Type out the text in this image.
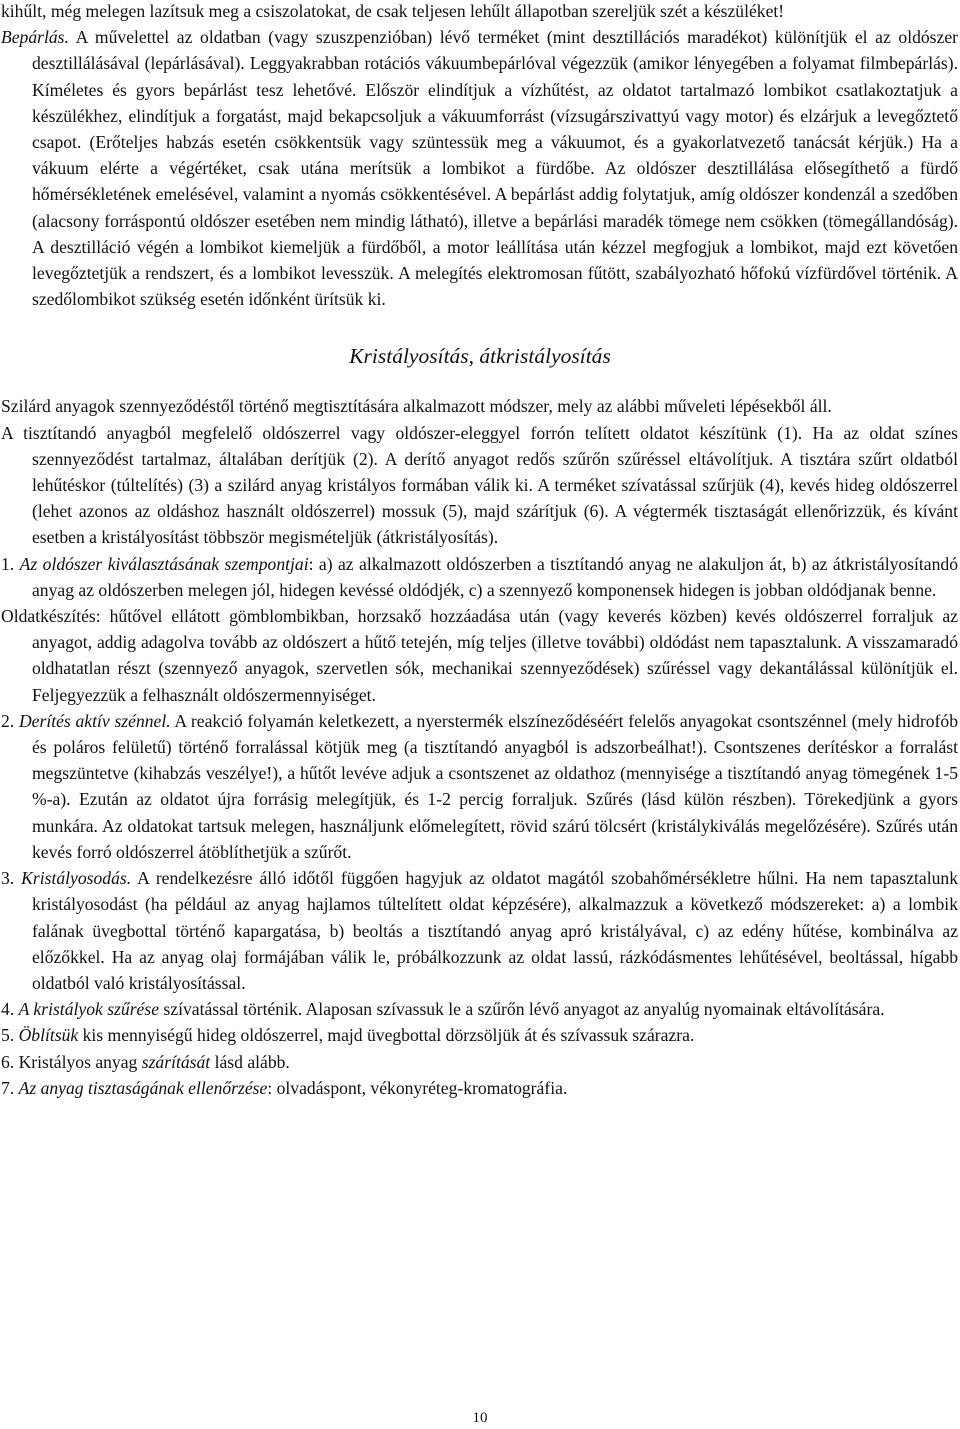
kihűlt, még melegen lazítsuk meg a csiszolatokat, de csak teljesen lehűlt állapotban szereljük szét a készüléket!

Bepárlás. A művelettel az oldatban (vagy szuszpenzióban) lévő terméket (mint desztillációs maradékot) különítjük el az oldószer desztillálásával (lepárlásával). Leggyakrabban rotációs vákuumbepárlóval végezzük (amikor lényegében a folyamat filmbepárlás). Kíméletes és gyors bepárlást tesz lehetővé. Először elindítjuk a vízhűtést, az oldatot tartalmazó lombikot csatlakoztatjuk a készülékhez, elindítjuk a forgatást, majd bekapcsoljuk a vákuumforrást (vízsugárszivattyú vagy motor) és elzárjuk a levegőztető csapot. (Erőteljes habzás esetén csökkentsük vagy szüntessük meg a vákuumot, és a gyakorlatvezető tanácsát kérjük.) Ha a vákuum elérte a végértéket, csak utána merítsük a lombikot a fürdőbe. Az oldószer desztillálása elősegíthető a fürdő hőmérsékletének emelésével, valamint a nyomás csökkentésével. A bepárlást addig folytatjuk, amíg oldószer kondenzál a szedőben (alacsony forráspontú oldószer esetében nem mindig látható), illetve a bepárlási maradék tömege nem csökken (tömegállandóság). A desztilláció végén a lombikot kiemeljük a fürdőből, a motor leállítása után kézzel megfogjuk a lombikot, majd ezt követően levegőztetjük a rendszert, és a lombikot levesszük. A melegítés elektromosan fűtött, szabályozható hőfokú vízfürdővel történik. A szedőlombikot szükség esetén időnként ürítsük ki.

Kristályosítás, átkristályosítás

Szilárd anyagok szennyeződéstől történő megtisztítására alkalmazott módszer, mely az alábbi műveleti lépésekből áll.

A tisztítandó anyagból megfelelő oldószerrel vagy oldószer-eleggyel forrón telített oldatot készítünk (1). Ha az oldat színes szennyeződést tartalmaz, általában derítjük (2). A derítő anyagot redős szűrőn szűréssel eltávolítjuk. A tisztára szűrt oldatból lehűtéskor (túltelítés) (3) a szilárd anyag kristályos formában válik ki. A terméket szívatással szűrjük (4), kevés hideg oldószerrel (lehet azonos az oldáshoz használt oldószerrel) mossuk (5), majd szárítjuk (6). A végtermék tisztaságát ellenőrizzük, és kívánt esetben a kristályosítást többször megismételjük (átkristályosítás).

1. Az oldószer kiválasztásának szempontjai: a) az alkalmazott oldószerben a tisztítandó anyag ne alakuljon át, b) az átkristályosítandó anyag az oldószerben melegen jól, hidegen kevéssé oldódjék, c) a szennyező komponensek hidegen is jobban oldódjanak benne.

Oldatkészítés: hűtővel ellátott gömblombikban, horzsakő hozzáadása után (vagy keverés közben) kevés oldószerrel forraljuk az anyagot, addig adagolva tovább az oldószert a hűtő tetején, míg teljes (illetve további) oldódást nem tapasztalunk. A visszamaradó oldhatatlan részt (szennyező anyagok, szervetlen sók, mechanikai szennyeződések) szűréssel vagy dekantálással különítjük el. Feljegyezzük a felhasznált oldószermennyiséget.

2. Derítés aktív szénnel. A reakció folyamán keletkezett, a nyerstermék elszíneződéséért felelős anyagokat csontszénnel (mely hidrofób és poláros felületű) történő forralással kötjük meg (a tisztítandó anyagból is adszorbeálhat!). Csontszenes derítéskor a forralást megszüntetve (kihabzás veszélye!), a hűtőt levéve adjuk a csontszenet az oldathoz (mennyisége a tisztítandó anyag tömegének 1-5 %-a). Ezután az oldatot újra forrásig melegítjük, és 1-2 percig forraljuk. Szűrés (lásd külön részben). Törekedjünk a gyors munkára. Az oldatokat tartsuk melegen, használjunk előmelegített, rövid szárú tölcsért (kristálykiválás megelőzésére). Szűrés után kevés forró oldószerrel átöblíthetjük a szűrőt.

3. Kristályosodás. A rendelkezésre álló időtől függően hagyjuk az oldatot magától szobahőmérsékletre hűlni. Ha nem tapasztalunk kristályosodást (ha például az anyag hajlamos túltelített oldat képzésére), alkalmazzuk a következő módszereket: a) a lombik falának üvegbottal történő kapargatása, b) beoltás a tisztítandó anyag apró kristályával, c) az edény hűtése, kombinálva az előzőkkel. Ha az anyag olaj formájában válik le, próbálkozzunk az oldat lassú, rázkódásmentes lehűtésével, beoltással, hígabb oldatból való kristályosítással.

4. A kristályok szűrése szívatással történik. Alaposan szívassuk le a szűrőn lévő anyagot az anyalúg nyomainak eltávolítására.

5. Öblítsük kis mennyiségű hideg oldószerrel, majd üvegbottal dörzsöljük át és szívassuk szárazra.

6. Kristályos anyag szárítását lásd alább.

7. Az anyag tisztaságának ellenőrzése: olvadáspont, vékonyréteg-kromatográfia.

10
